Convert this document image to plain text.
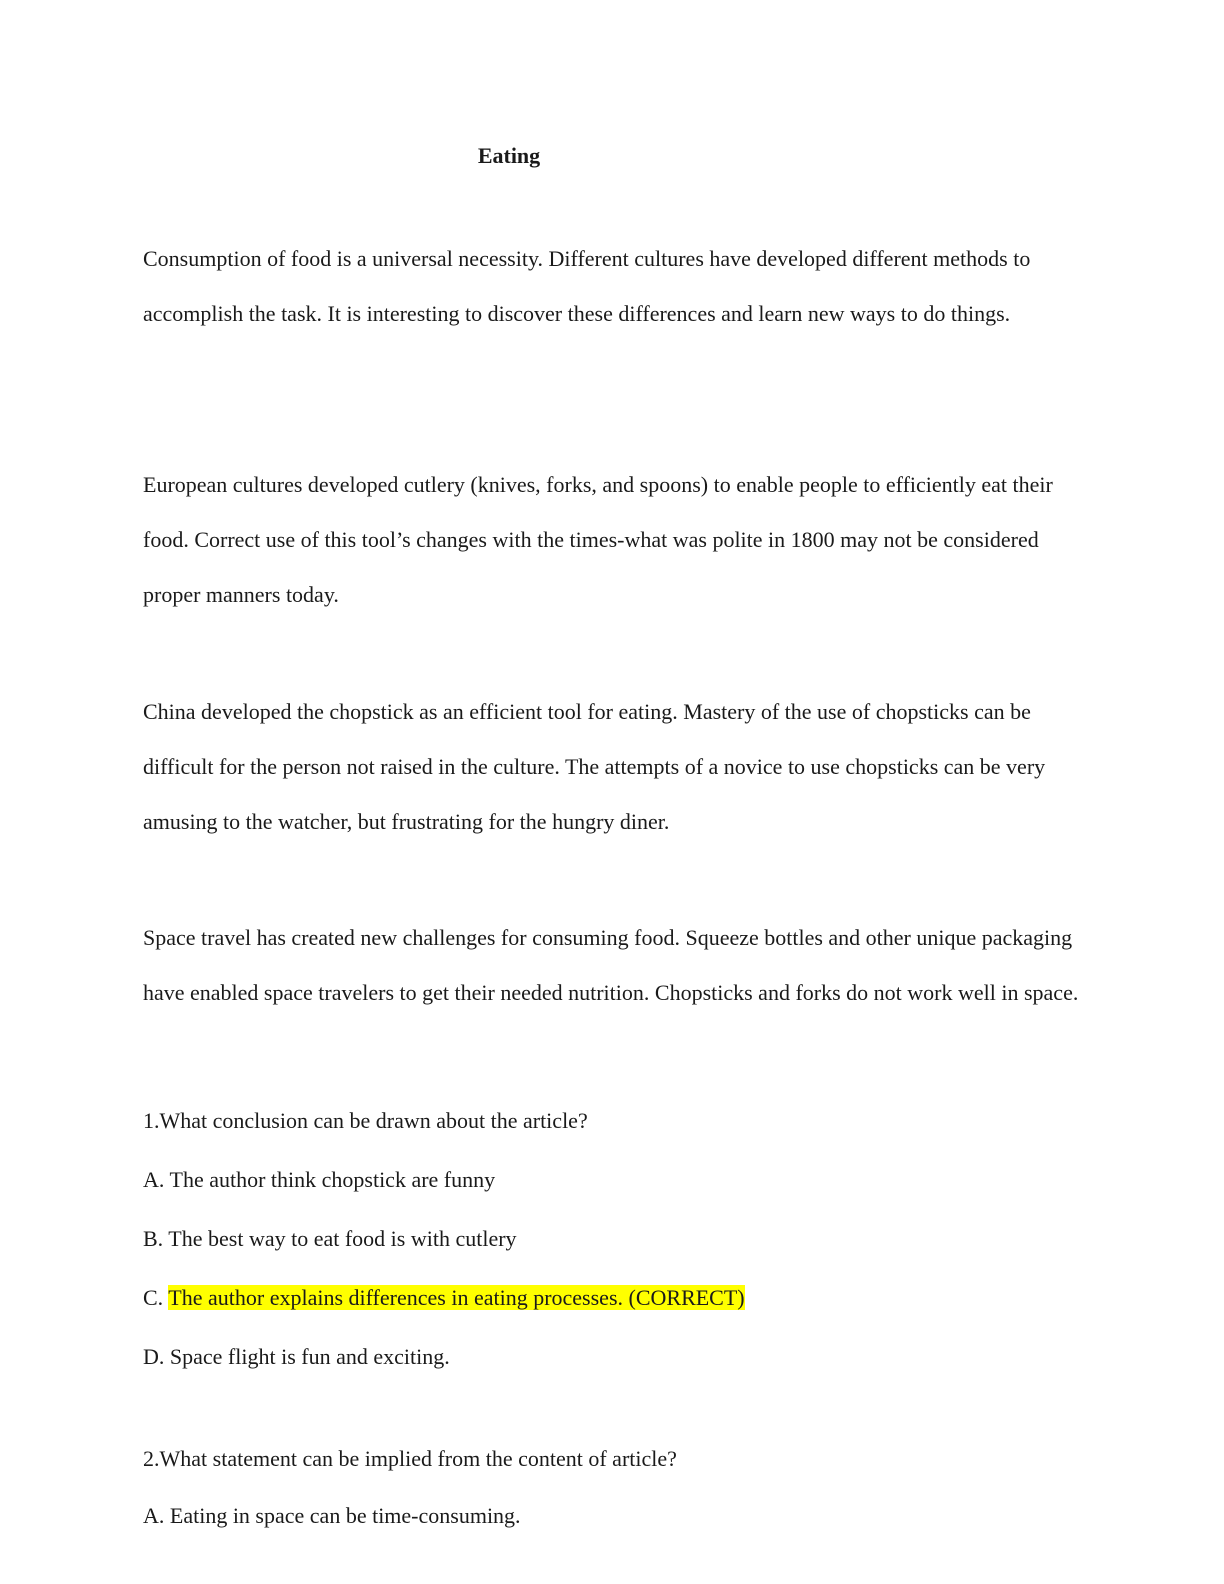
Eating

Consumption of food is a universal necessity. Different cultures have developed different methods to accomplish the task. It is interesting to discover these differences and learn new ways to do things.

European cultures developed cutlery (knives, forks, and spoons) to enable people to efficiently eat their food. Correct use of this tool’s changes with the times-what was polite in 1800 may not be considered proper manners today.

China developed the chopstick as an efficient tool for eating. Mastery of the use of chopsticks can be difficult for the person not raised in the culture. The attempts of a novice to use chopsticks can be very amusing to the watcher, but frustrating for the hungry diner.

Space travel has created new challenges for consuming food. Squeeze bottles and other unique packaging have enabled space travelers to get their needed nutrition. Chopsticks and forks do not work well in space.

1.What conclusion can be drawn about the article?

A. The author think chopstick are funny

B. The best way to eat food is with cutlery

C. The author explains differences in eating processes. (CORRECT)

D. Space flight is fun and exciting.

2.What statement can be implied from the content of article?

A. Eating in space can be time-consuming.
